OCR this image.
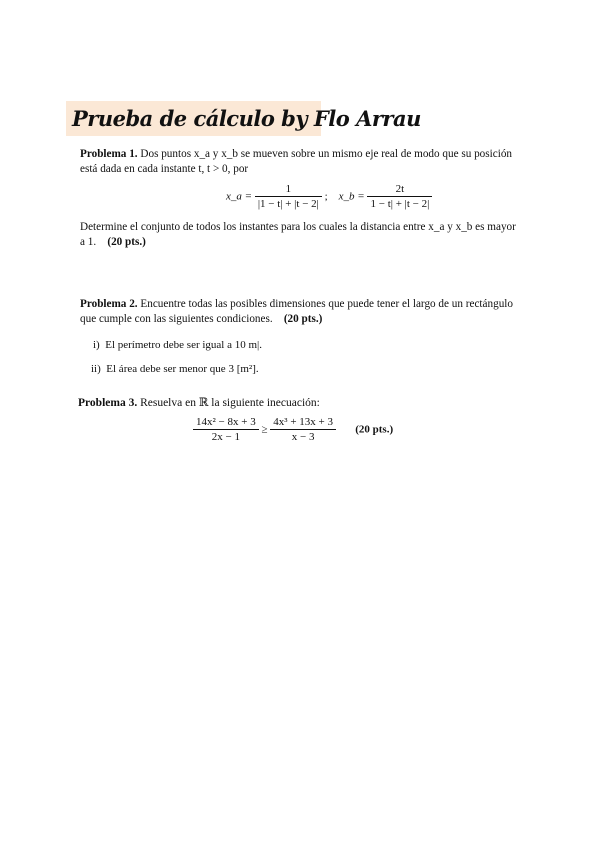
Prueba de cálculo by Flo Arrau
Problema 1. Dos puntos x_a y x_b se mueven sobre un mismo eje real de modo que su posición
está dada en cada instante t, t > 0, por
x_a = $\frac{1}{|1 - t| + |t - 2|}$ ; x_b = $\frac{2t}{1 - t| + |t - 2|}$
Determine el conjunto de todos los instantes para los cuales la distancia entre x_a y x_b es mayor
a 1. (20 pts.)
Problema 2. Encuentre todas las posibles dimensiones que puede tener el largo de un rectángulo
que cumple con las siguientes condiciones. (20 pts.)
i) El perímetro debe ser igual a 10 m|.
ii) El área debe ser menor que 3 [m²].
Problema 3. Resuelva en ℝ la siguiente inecuación:
$\frac{\text{14x² − 8x + 3}}{2x - 1} \ge \frac{\text{4x³ + 13x + 3}}{x - 3} (20$ pts.)
